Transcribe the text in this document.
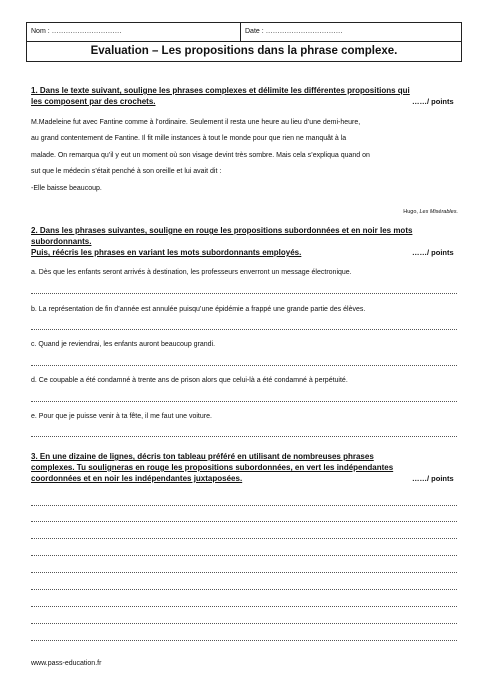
Nom : …………………………	Date : ……………………………
Evaluation – Les propositions dans la phrase complexe.
1. Dans le texte suivant, souligne les phrases complexes et délimite les différentes propositions qui
les composent par des crochets.	……/ points
M.Madeleine fut avec Fantine comme à l’ordinaire. Seulement il resta une heure au lieu d’une demi-heure,
au grand contentement de Fantine. Il fit mille instances à tout le monde pour que rien ne manquât à la
malade. On remarqua qu’il y eut un moment où son visage devint très sombre. Mais cela s’expliqua quand on
sut que le médecin s’était penché à son oreille et lui avait dit :
-Elle baisse beaucoup.
Hugo, Les Misérables.
2. Dans les phrases suivantes, souligne en rouge les propositions subordonnées et en noir les mots
subordonnants.
Puis, réécris les phrases en variant les mots subordonnants employés.	……/ points
a. Dès que les enfants seront arrivés à destination, les professeurs enverront un message électronique.
b. La représentation de fin d’année est annulée puisqu’une épidémie a frappé une grande partie des élèves.
c. Quand je reviendrai, les enfants auront beaucoup grandi.
d. Ce coupable a été condamné à trente ans de prison alors que celui-là a été condamné à perpétuité.
e. Pour que je puisse venir à ta fête, il me faut une voiture.
3. En une dizaine de lignes, décris ton tableau préféré en utilisant de nombreuses phrases
complexes. Tu souligneras en rouge les propositions subordonnées, en vert les indépendantes
coordonnées et en noir les indépendantes juxtaposées.	……/ points
www.pass-education.fr
